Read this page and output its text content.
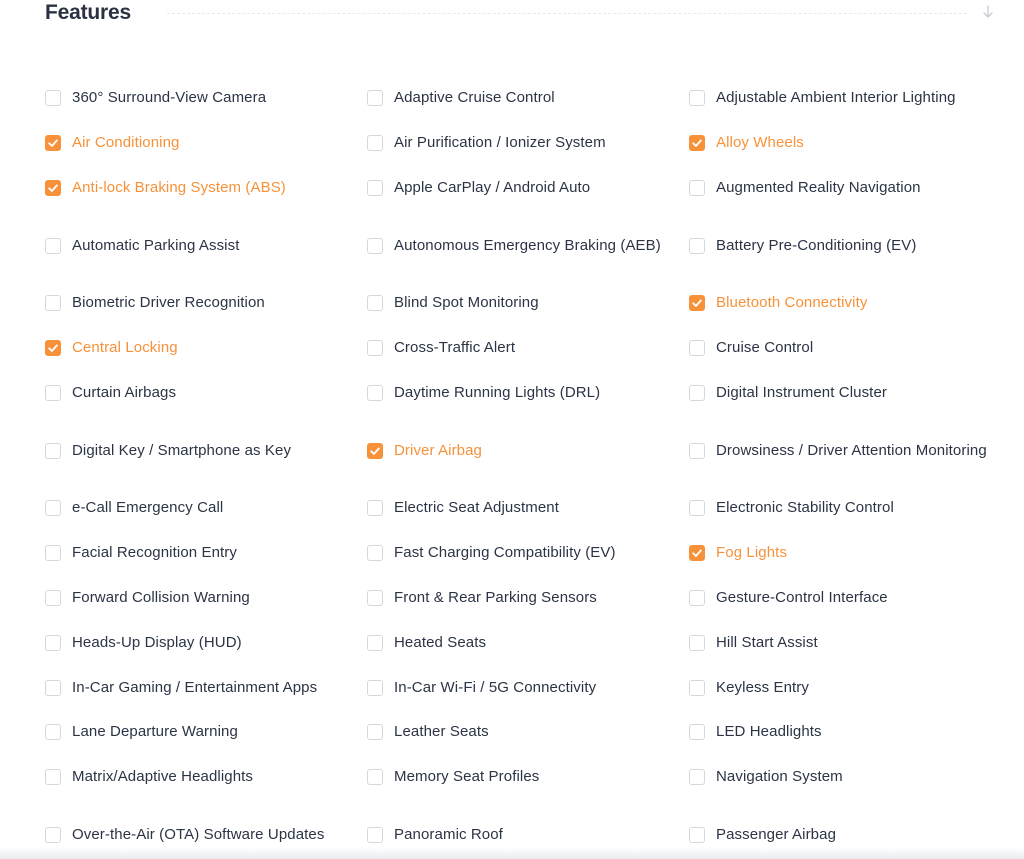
Features
360° Surround-View Camera	Adaptive Cruise Control	Adjustable Ambient Interior Lighting
Air Conditioning	Air Purification / Ionizer System	Alloy Wheels
Anti-lock Braking System (ABS)	Apple CarPlay / Android Auto	Augmented Reality Navigation
Automatic Parking Assist	Autonomous Emergency Braking (AEB)	Battery Pre-Conditioning (EV)
Biometric Driver Recognition	Blind Spot Monitoring	Bluetooth Connectivity
Central Locking	Cross-Traffic Alert	Cruise Control
Curtain Airbags	Daytime Running Lights (DRL)	Digital Instrument Cluster
Digital Key / Smartphone as Key	Driver Airbag	Drowsiness / Driver Attention Monitoring
e-Call Emergency Call	Electric Seat Adjustment	Electronic Stability Control
Facial Recognition Entry	Fast Charging Compatibility (EV)	Fog Lights
Forward Collision Warning	Front & Rear Parking Sensors	Gesture-Control Interface
Heads-Up Display (HUD)	Heated Seats	Hill Start Assist
In-Car Gaming / Entertainment Apps	In-Car Wi-Fi / 5G Connectivity	Keyless Entry
Lane Departure Warning	Leather Seats	LED Headlights
Matrix/Adaptive Headlights	Memory Seat Profiles	Navigation System
Over-the-Air (OTA) Software Updates	Panoramic Roof	Passenger Airbag
